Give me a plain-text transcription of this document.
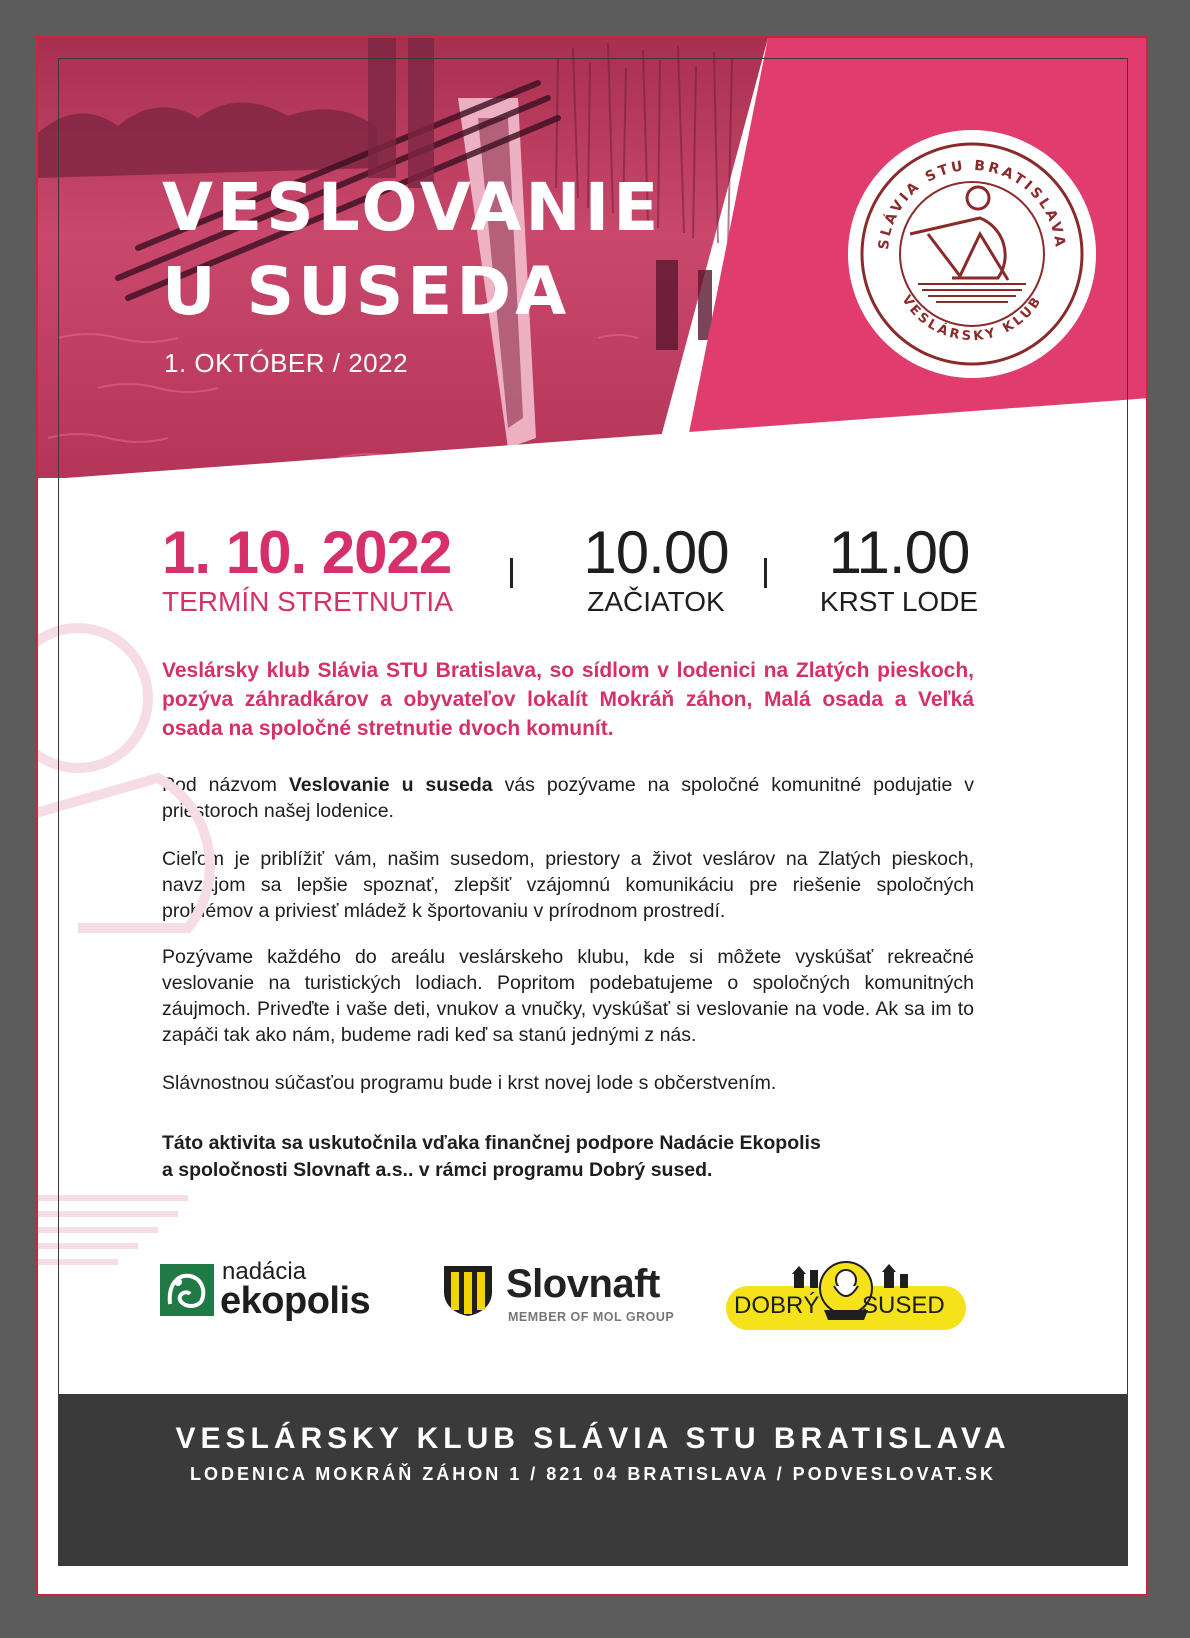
VESLOVANIE
U SUSEDA
1. OKTÓBER / 2022
SLÁVIA STU BRATISLAVA
VESLÁRSKY KLUB
1. 10. 2022
TERMÍN STRETNUTIA
10.00
ZAČIATOK
11.00
KRST LODE
Veslársky klub Slávia STU Bratislava, so sídlom v lodenici na Zlatých pieskoch, pozýva záhradkárov a obyvateľov lokalít Mokráň záhon, Malá osada a Veľká osada na spoločné stretnutie dvoch komunít.
Pod názvom Veslovanie u suseda vás pozývame na spoločné komunitné podujatie v priestoroch našej lodenice.
Cieľom je priblížiť vám, našim susedom, priestory a život veslárov na Zlatých pieskoch, navzájom sa lepšie spoznať, zlepšiť vzájomnú komunikáciu pre riešenie spoločných problémov a priviesť mládež k športovaniu v prírodnom prostredí.
Pozývame každého do areálu veslárskeho klubu, kde si môžete vyskúšať rekreačné veslovanie na turistických lodiach. Popritom podebatujeme o spoločných komunitných záujmoch. Priveďte i vaše deti, vnukov a vnučky, vyskúšať si veslovanie na vode. Ak sa im to zapáči tak ako nám, budeme radi keď sa stanú jednými z nás.
Slávnostnou súčasťou programu bude i krst novej lode s občerstvením.
Táto aktivita sa uskutočnila vďaka finančnej podpore Nadácie Ekopolis
a spoločnosti Slovnaft a.s.. v rámci programu Dobrý sused.
nadácia
ekopolis	Slovnaft
MEMBER OF MOL GROUP DOBRÝ SUSED
VESLÁRSKY KLUB SLÁVIA STU BRATISLAVA
LODENICA MOKRÁŇ ZÁHON 1 / 821 04 BRATISLAVA / PODVESLOVAT.SK
